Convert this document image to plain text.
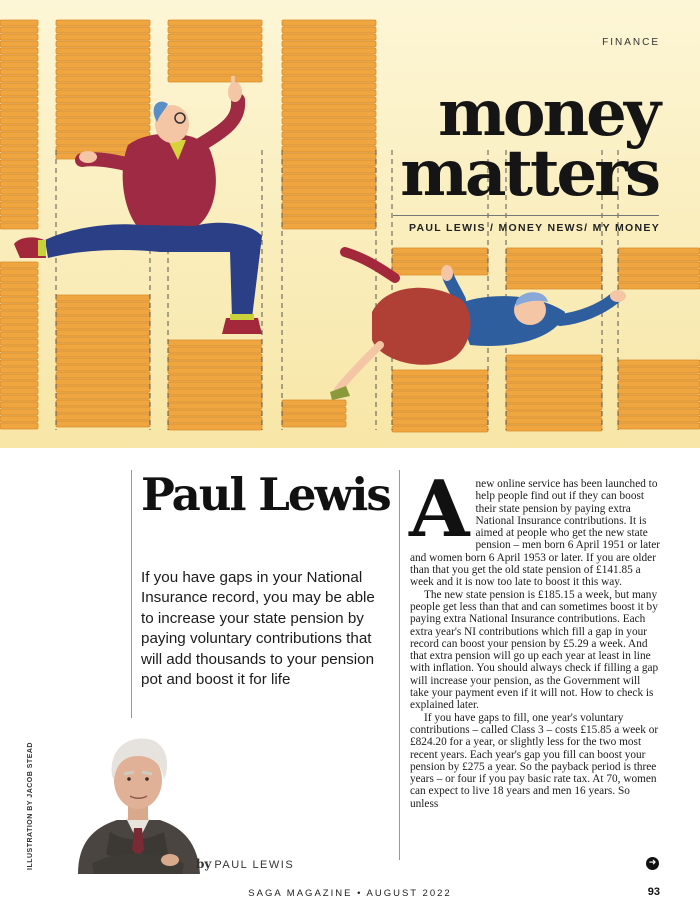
FINANCE
money matters
PAUL LEWIS / MONEY NEWS/ MY MONEY
Paul Lewis
If you have gaps in your National Insurance record, you may be able to increase your state pension by paying voluntary contributions that will add thousands to your pension pot and boost it for life
ILLUSTRATION BY JACOB STEAD	by PAUL LEWIS

Anew online service has been launched to help people find out if they can boost their state pension by paying extra National Insurance contributions. It is aimed at people who get the new state pension – men born 6 April 1951 or later and women born 6 April 1953 or later. If you are older than that you get the old state pension of £141.85 a week and it is now too late to boost it this way.

The new state pension is £185.15 a week, but many people get less than that and can sometimes boost it by paying extra National Insurance contributions. Each extra year's NI contributions which fill a gap in your record can boost your pension by £5.29 a week. And that extra pension will go up each year at least in line with inflation. You should always check if filling a gap will increase your pension, as the Government will take your payment even if it will not. How to check is explained later.

If you have gaps to fill, one year's voluntary contributions – called Class 3 – costs £15.85 a week or £824.20 for a year, or slightly less for the two most recent years. Each year's gap you fill can boost your pension by £275 a year. So the payback period is three years – or four if you pay basic rate tax. At 70, women can expect to live 18 years and men 16 years. So unless

➜
SAGA MAGAZINE • AUGUST 2022	93
